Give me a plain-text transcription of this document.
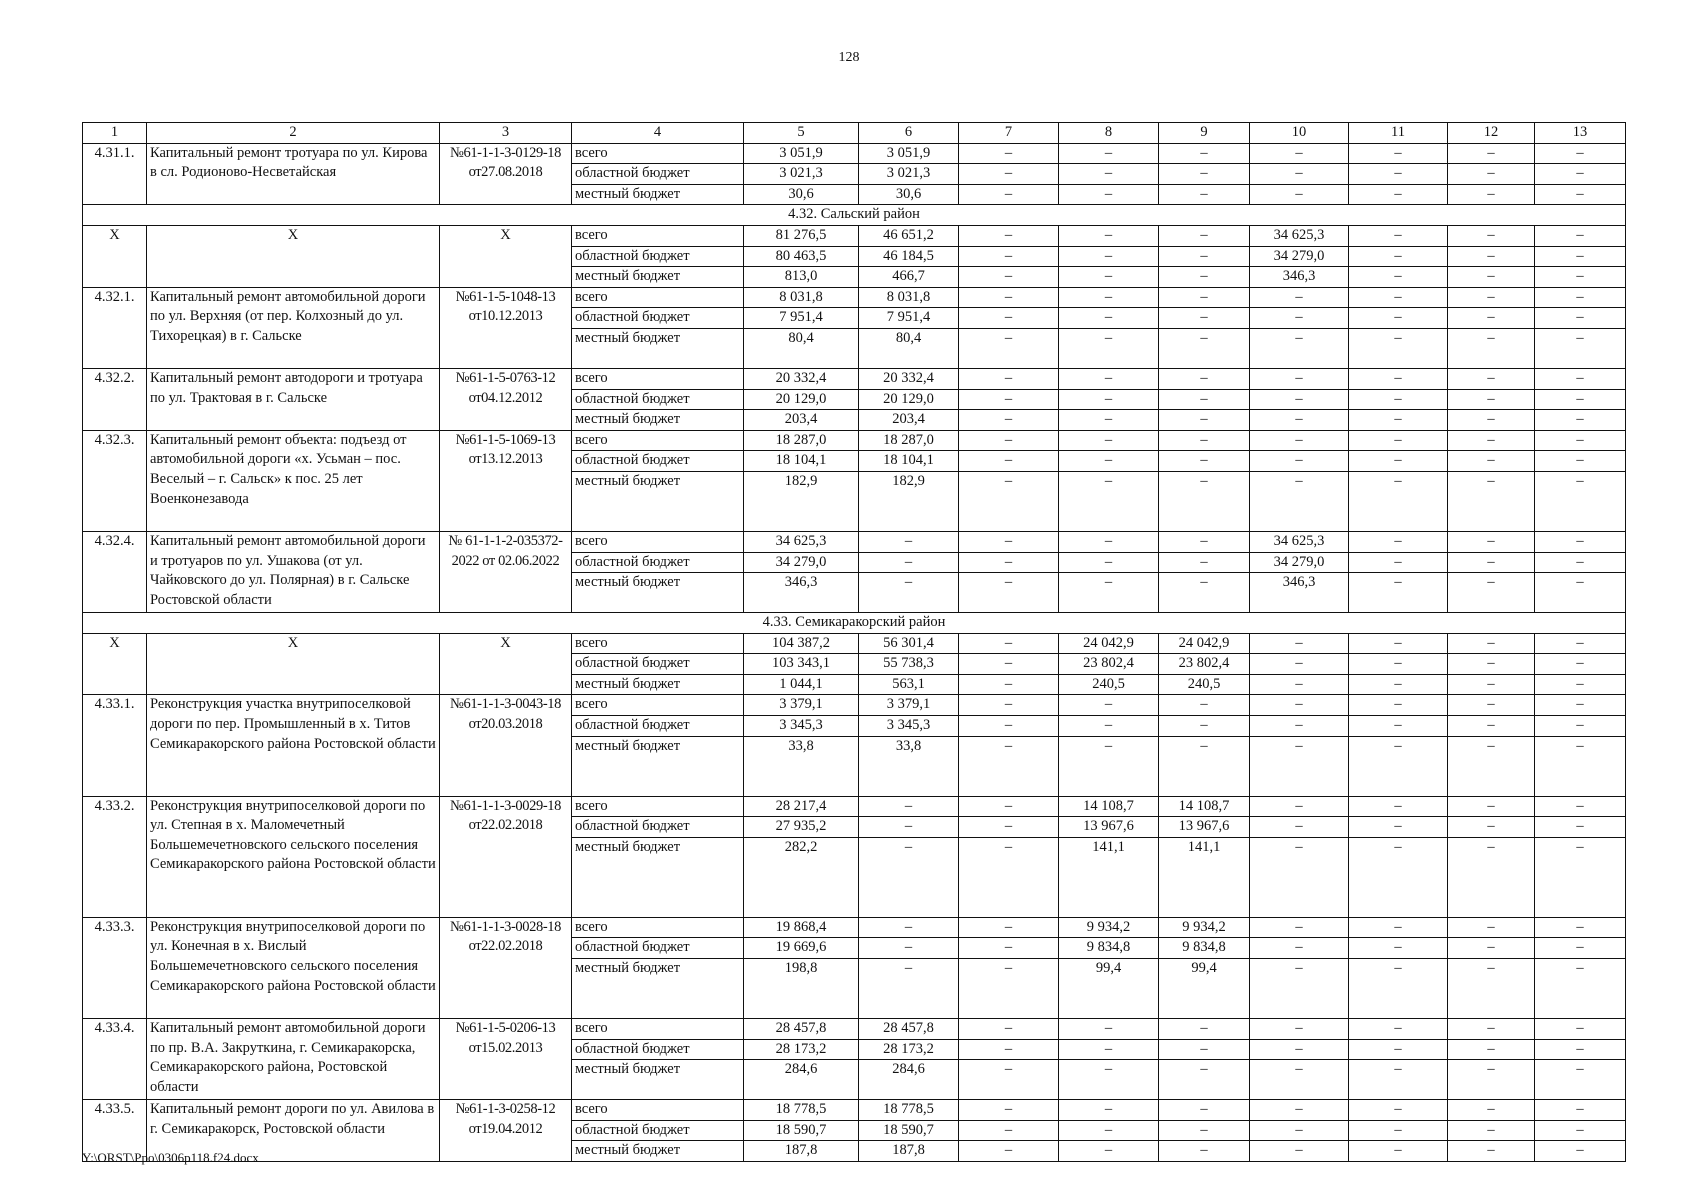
128
1	2	3	4	5	6	7	8	9	10	11	12	13
4.31.1.	Капитальный ремонт тротуара по ул. Кирова в сл. Родионово-Несветайская	№61-1-1-3-0129-18 от27.08.2018	всего	3 051,9	3 051,9	–	–	–	–	–	–	–
			областной бюджет	3 021,3	3 021,3	–	–	–	–	–	–	–
			местный бюджет	30,6	30,6	–	–	–	–	–	–	–
4.32. Сальский район												
X	X	X	всего	81 276,5	46 651,2	–	–	–	34 625,3	–	–	–
			областной бюджет	80 463,5	46 184,5	–	–	–	34 279,0	–	–	–
			местный бюджет	813,0	466,7	–	–	–	346,3	–	–	–
4.32.1.	Капитальный ремонт автомобильной дороги по ул. Верхняя (от пер. Колхозный до ул. Тихорецкая) в г. Сальске	№61-1-5-1048-13 от10.12.2013	всего	8 031,8	8 031,8	–	–	–	–	–	–	–
			областной бюджет	7 951,4	7 951,4	–	–	–	–	–	–	–
			местный бюджет	80,4	80,4	–	–	–	–	–	–	–
4.32.2.	Капитальный ремонт автодороги и тротуара по ул. Трактовая в г. Сальске	№61-1-5-0763-12 от04.12.2012	всего	20 332,4	20 332,4	–	–	–	–	–	–	–
			областной бюджет	20 129,0	20 129,0	–	–	–	–	–	–	–
			местный бюджет	203,4	203,4	–	–	–	–	–	–	–
4.32.3.	Капитальный ремонт объекта: подъезд от автомобильной дороги «х. Усьман – пос. Веселый – г. Сальск» к пос. 25 лет Военконезавода	№61-1-5-1069-13 от13.12.2013	всего	18 287,0	18 287,0	–	–	–	–	–	–	–
			областной бюджет	18 104,1	18 104,1	–	–	–	–	–	–	–
			местный бюджет	182,9	182,9	–	–	–	–	–	–	–
4.32.4.	Капитальный ремонт автомобильной дороги и тротуаров по ул. Ушакова (от ул. Чайковского до ул. Полярная) в г. Сальске Ростовской области	№ 61-1-1-2-035372-2022 от 02.06.2022	всего	34 625,3	–	–	–	–	34 625,3	–	–	–
			областной бюджет	34 279,0	–	–	–	–	34 279,0	–	–	–
			местный бюджет	346,3	–	–	–	–	346,3	–	–	–
4.33. Семикаракорский район												
X	X	X	всего	104 387,2	56 301,4	–	24 042,9	24 042,9	–	–	–	–
			областной бюджет	103 343,1	55 738,3	–	23 802,4	23 802,4	–	–	–	–
			местный бюджет	1 044,1	563,1	–	240,5	240,5	–	–	–	–
4.33.1.	Реконструкция участка внутрипоселковой дороги по пер. Промышленный в х. Титов Семикаракорского района Ростовской области	№61-1-1-3-0043-18 от20.03.2018	всего	3 379,1	3 379,1	–	–	–	–	–	–	–
			областной бюджет	3 345,3	3 345,3	–	–	–	–	–	–	–
			местный бюджет	33,8	33,8	–	–	–	–	–	–	–
4.33.2.	Реконструкция внутрипоселковой дороги по ул. Степная в х. Маломечетный Большемечетновского сельского поселения Семикаракорского района Ростовской области	№61-1-1-3-0029-18 от22.02.2018	всего	28 217,4	–	–	14 108,7	14 108,7	–	–	–	–
			областной бюджет	27 935,2	–	–	13 967,6	13 967,6	–	–	–	–
			местный бюджет	282,2	–	–	141,1	141,1	–	–	–	–
4.33.3.	Реконструкция внутрипоселковой дороги по ул. Конечная в х. Вислый Большемечетновского сельского поселения Семикаракорского района Ростовской области	№61-1-1-3-0028-18 от22.02.2018	всего	19 868,4	–	–	9 934,2	9 934,2	–	–	–	–
			областной бюджет	19 669,6	–	–	9 834,8	9 834,8	–	–	–	–
			местный бюджет	198,8	–	–	99,4	99,4	–	–	–	–
4.33.4.	Капитальный ремонт автомобильной дороги по пр. В.А. Закруткина, г. Семикаракорска, Семикаракорского района, Ростовской области	№61-1-5-0206-13 от15.02.2013	всего	28 457,8	28 457,8	–	–	–	–	–	–	–
			областной бюджет	28 173,2	28 173,2	–	–	–	–	–	–	–
			местный бюджет	284,6	284,6	–	–	–	–	–	–	–
4.33.5.	Капитальный ремонт дороги по ул. Авилова в г. Семикаракорск, Ростовской области	№61-1-3-0258-12 от19.04.2012	всего	18 778,5	18 778,5	–	–	–	–	–	–	–
			областной бюджет	18 590,7	18 590,7	–	–	–	–	–	–	–
			местный бюджет	187,8	187,8	–	–	–	–	–	–	–
Y:\ORST\Ppo\0306p118.f24.docx
